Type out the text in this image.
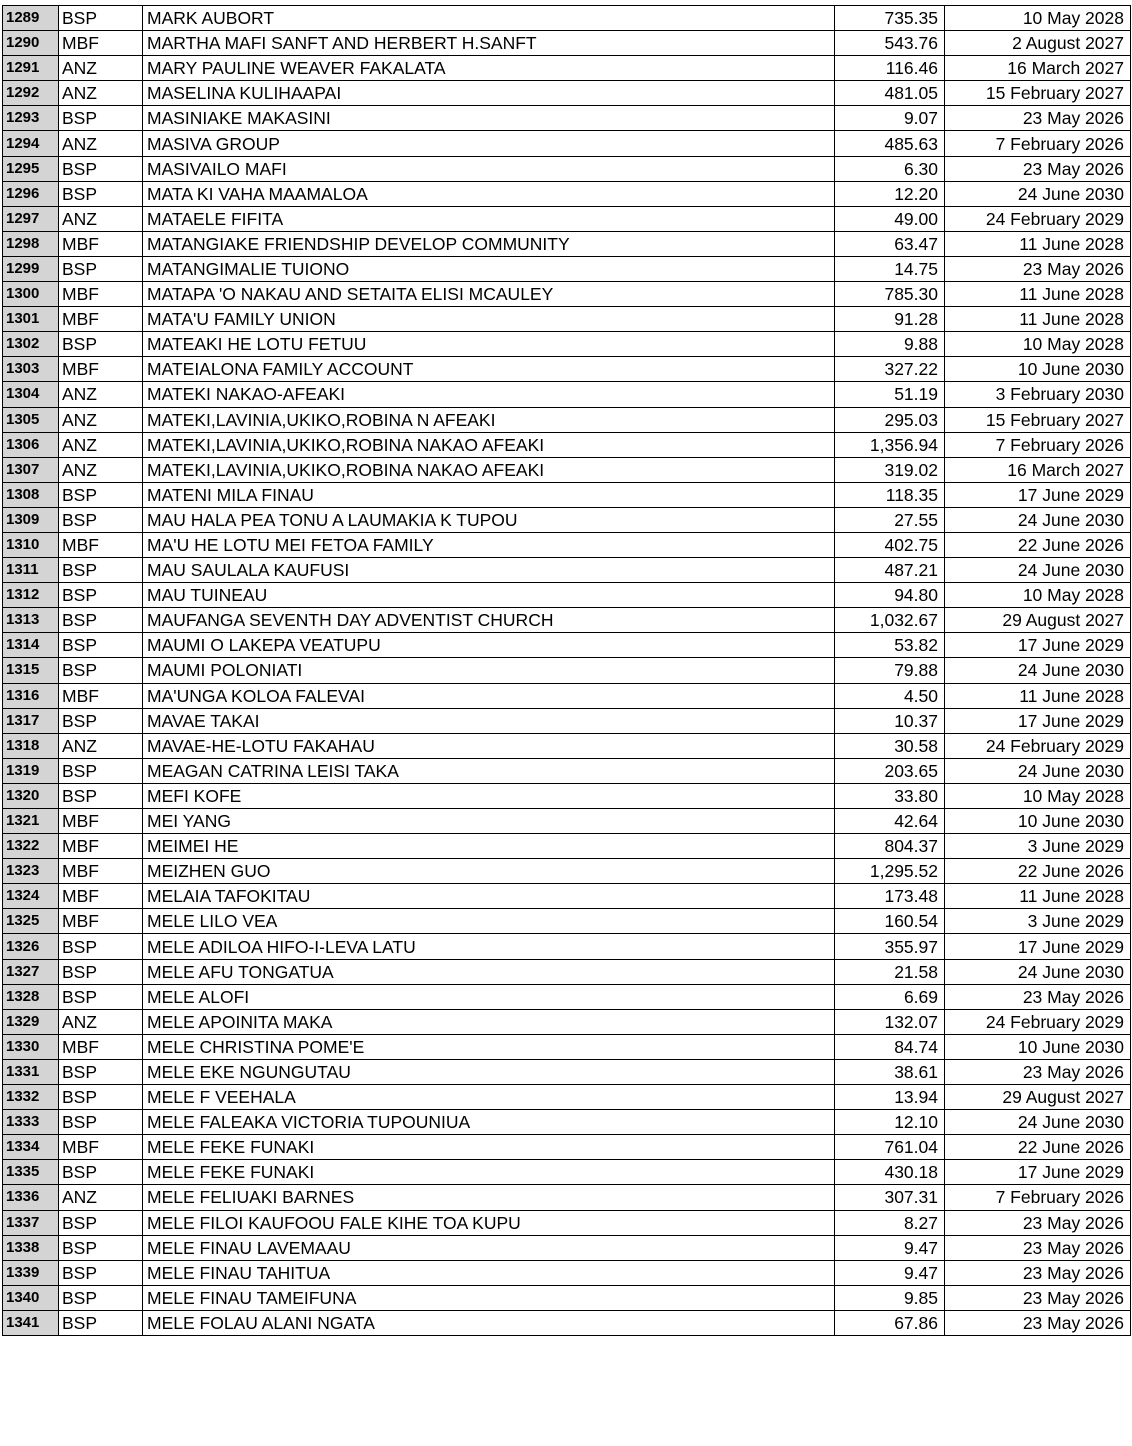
1289	BSP	MARK AUBORT	735.35	10 May 2028
1290	MBF	MARTHA MAFI SANFT AND HERBERT H.SANFT	543.76	2 August 2027
1291	ANZ	MARY PAULINE WEAVER FAKALATA	116.46	16 March 2027
1292	ANZ	MASELINA KULIHAAPAI	481.05	15 February 2027
1293	BSP	MASINIAKE MAKASINI	9.07	23 May 2026
1294	ANZ	MASIVA GROUP	485.63	7 February 2026
1295	BSP	MASIVAILO MAFI	6.30	23 May 2026
1296	BSP	MATA KI VAHA MAAMALOA	12.20	24 June 2030
1297	ANZ	MATAELE FIFITA	49.00	24 February 2029
1298	MBF	MATANGIAKE FRIENDSHIP DEVELOP COMMUNITY	63.47	11 June 2028
1299	BSP	MATANGIMALIE TUIONO	14.75	23 May 2026
1300	MBF	MATAPA 'O NAKAU AND SETAITA ELISI MCAULEY	785.30	11 June 2028
1301	MBF	MATA'U FAMILY UNION	91.28	11 June 2028
1302	BSP	MATEAKI HE LOTU FETUU	9.88	10 May 2028
1303	MBF	MATEIALONA FAMILY ACCOUNT	327.22	10 June 2030
1304	ANZ	MATEKI NAKAO-AFEAKI	51.19	3 February 2030
1305	ANZ	MATEKI,LAVINIA,UKIKO,ROBINA N AFEAKI	295.03	15 February 2027
1306	ANZ	MATEKI,LAVINIA,UKIKO,ROBINA NAKAO AFEAKI	1,356.94	7 February 2026
1307	ANZ	MATEKI,LAVINIA,UKIKO,ROBINA NAKAO AFEAKI	319.02	16 March 2027
1308	BSP	MATENI MILA FINAU	118.35	17 June 2029
1309	BSP	MAU HALA PEA TONU A LAUMAKIA K TUPOU	27.55	24 June 2030
1310	MBF	MA'U HE LOTU MEI FETOA FAMILY	402.75	22 June 2026
1311	BSP	MAU SAULALA KAUFUSI	487.21	24 June 2030
1312	BSP	MAU TUINEAU	94.80	10 May 2028
1313	BSP	MAUFANGA SEVENTH DAY ADVENTIST CHURCH	1,032.67	29 August 2027
1314	BSP	MAUMI O LAKEPA VEATUPU	53.82	17 June 2029
1315	BSP	MAUMI POLONIATI	79.88	24 June 2030
1316	MBF	MA'UNGA KOLOA FALEVAI	4.50	11 June 2028
1317	BSP	MAVAE TAKAI	10.37	17 June 2029
1318	ANZ	MAVAE-HE-LOTU FAKAHAU	30.58	24 February 2029
1319	BSP	MEAGAN CATRINA LEISI TAKA	203.65	24 June 2030
1320	BSP	MEFI KOFE	33.80	10 May 2028
1321	MBF	MEI YANG	42.64	10 June 2030
1322	MBF	MEIMEI HE	804.37	3 June 2029
1323	MBF	MEIZHEN GUO	1,295.52	22 June 2026
1324	MBF	MELAIA TAFOKITAU	173.48	11 June 2028
1325	MBF	MELE LILO VEA	160.54	3 June 2029
1326	BSP	MELE ADILOA HIFO-I-LEVA LATU	355.97	17 June 2029
1327	BSP	MELE AFU TONGATUA	21.58	24 June 2030
1328	BSP	MELE ALOFI	6.69	23 May 2026
1329	ANZ	MELE APOINITA MAKA	132.07	24 February 2029
1330	MBF	MELE CHRISTINA POME'E	84.74	10 June 2030
1331	BSP	MELE EKE NGUNGUTAU	38.61	23 May 2026
1332	BSP	MELE F VEEHALA	13.94	29 August 2027
1333	BSP	MELE FALEAKA VICTORIA TUPOUNIUA	12.10	24 June 2030
1334	MBF	MELE FEKE FUNAKI	761.04	22 June 2026
1335	BSP	MELE FEKE FUNAKI	430.18	17 June 2029
1336	ANZ	MELE FELIUAKI BARNES	307.31	7 February 2026
1337	BSP	MELE FILOI KAUFOOU FALE KIHE TOA KUPU	8.27	23 May 2026
1338	BSP	MELE FINAU LAVEMAAU	9.47	23 May 2026
1339	BSP	MELE FINAU TAHITUA	9.47	23 May 2026
1340	BSP	MELE FINAU TAMEIFUNA	9.85	23 May 2026
1341	BSP	MELE FOLAU ALANI NGATA	67.86	23 May 2026
